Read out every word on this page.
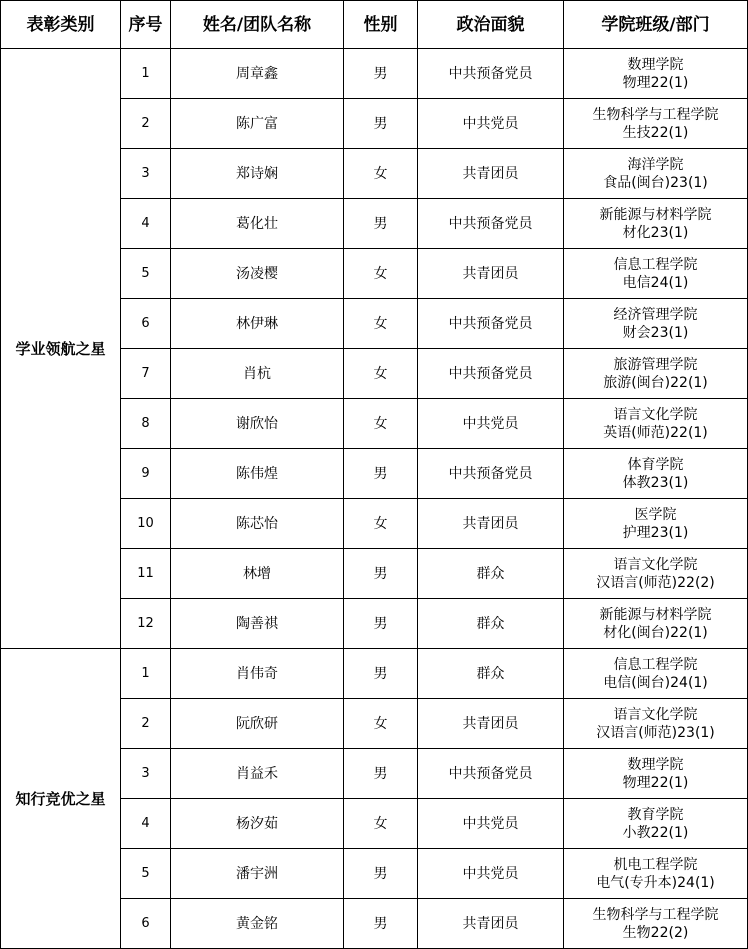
表彰类别	序号	姓名/团队名称	性别	政治面貌	学院班级/部门
学业领航之星	1	周章鑫	男	中共预备党员	数理学院
物理22(1)

	2	陈广富	男	中共党员	生物科学与工程学院
生技22(1)

	3	郑诗娴	女	共青团员	海洋学院
食品(闽台)23(1)

	4	葛化壮	男	中共预备党员	新能源与材料学院
材化23(1)

	5	汤凌樱	女	共青团员	信息工程学院
电信24(1)

	6	林伊琳	女	中共预备党员	经济管理学院
财会23(1)

	7	肖杭	女	中共预备党员	旅游管理学院
旅游(闽台)22(1)

	8	谢欣怡	女	中共党员	语言文化学院
英语(师范)22(1)

	9	陈伟煌	男	中共预备党员	体育学院
体教23(1)

	10	陈芯怡	女	共青团员	医学院
护理23(1)

	11	林增	男	群众	语言文化学院
汉语言(师范)22(2)

	12	陶善祺	男	群众	新能源与材料学院
材化(闽台)22(1)

知行竞优之星	1	肖伟奇	男	群众	信息工程学院
电信(闽台)24(1)

	2	阮欣研	女	共青团员	语言文化学院
汉语言(师范)23(1)

	3	肖益禾	男	中共预备党员	数理学院
物理22(1)

	4	杨汐茹	女	中共党员	教育学院
小教22(1)

	5	潘宇洲	男	中共党员	机电工程学院
电气(专升本)24(1)

	6	黄金铭	男	共青团员	生物科学与工程学院
生物22(2)
